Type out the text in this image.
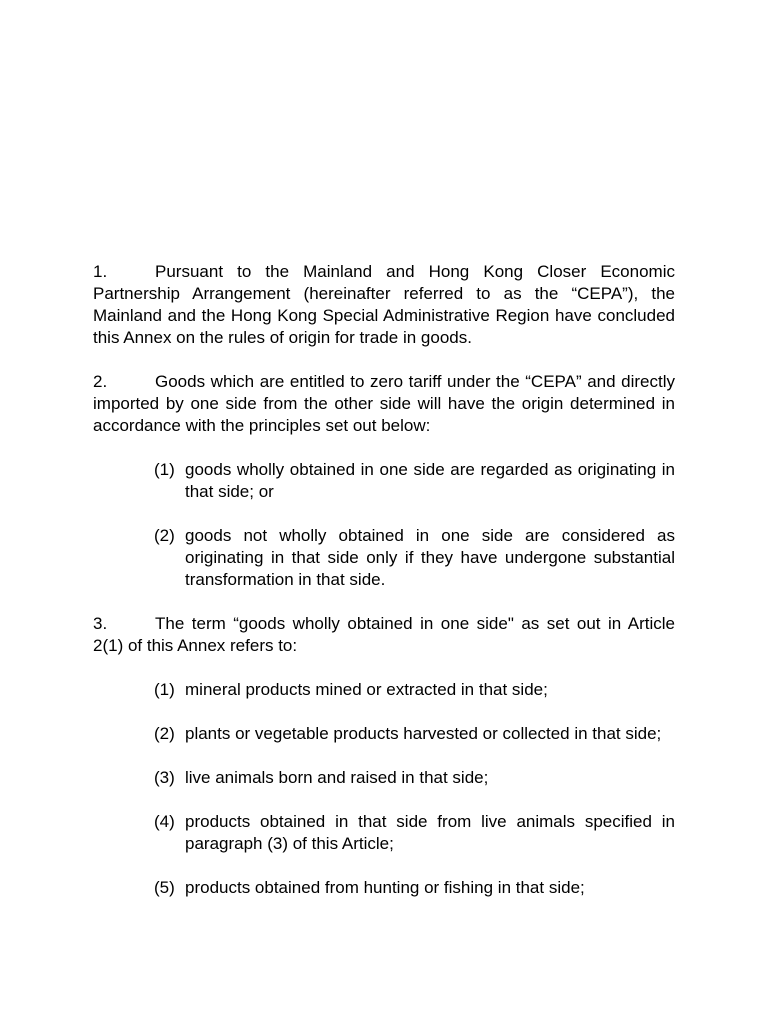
1.	Pursuant to the Mainland and Hong Kong Closer Economic Partnership Arrangement (hereinafter referred to as the “CEPA”), the Mainland and the Hong Kong Special Administrative Region have concluded this Annex on the rules of origin for trade in goods.
2.	Goods which are entitled to zero tariff under the “CEPA” and directly imported by one side from the other side will have the origin determined in accordance with the principles set out below:
(1) goods wholly obtained in one side are regarded as originating in that side; or
(2) goods not wholly obtained in one side are considered as originating in that side only if they have undergone substantial transformation in that side.
3.	The term “goods wholly obtained in one side" as set out in Article 2(1) of this Annex refers to:
(1) mineral products mined or extracted in that side;
(2) plants or vegetable products harvested or collected in that side;
(3) live animals born and raised in that side;
(4) products obtained in that side from live animals specified in paragraph (3) of this Article;
(5) products obtained from hunting or fishing in that side;
